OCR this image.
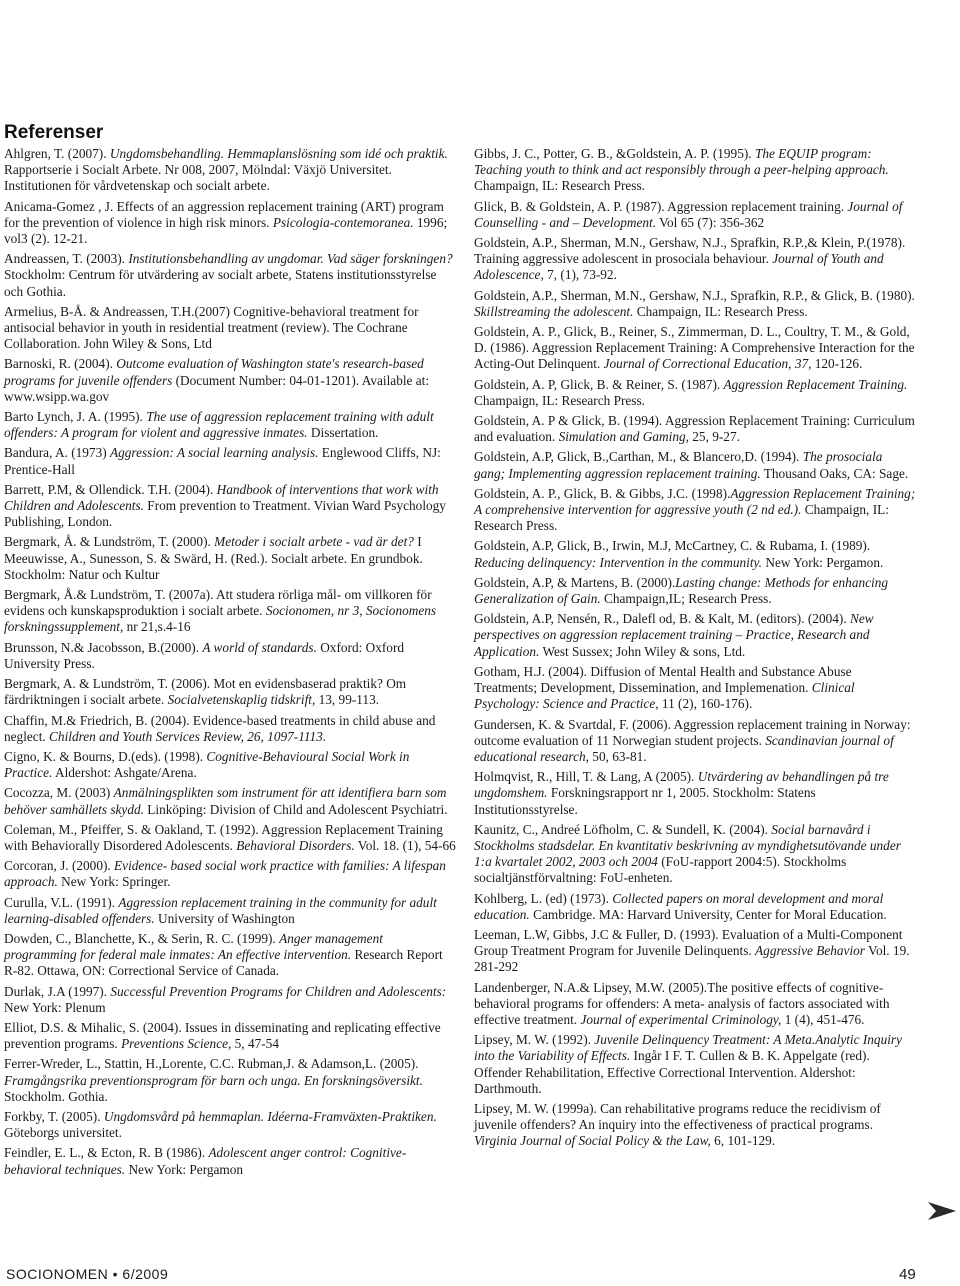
Referenser

Ahlgren, T. (2007). Ungdomsbehandling. Hemmaplanslösning som idé och praktik. Rapportserie i Socialt Arbete. Nr 008, 2007, Mölndal: Växjö Universitet. Institutionen för vårdvetenskap och socialt arbete.

Anicama-Gomez , J. Effects of an aggression replacement training (ART) program for the prevention of violence in high risk minors. Psicologia-contemoranea. 1996; vol3 (2). 12-21.

Andreassen, T. (2003). Institutionsbehandling av ungdomar. Vad säger forskningen? Stockholm: Centrum för utvärdering av socialt arbete, Statens institutionsstyrelse och Gothia.

Armelius, B-Å. & Andreassen, T.H.(2007) Cognitive-behavioral treatment for antisocial behavior in youth in residential treatment (review). The Cochrane Collaboration. John Wiley & Sons, Ltd

Barnoski, R. (2004). Outcome evaluation of Washington state's research-based programs for juvenile offenders (Document Number: 04-01-1201). Available at: www.wsipp.wa.gov

Barto Lynch, J. A. (1995). The use of aggression replacement training with adult offenders: A program for violent and aggressive inmates. Dissertation.

Bandura, A. (1973) Aggression: A social learning analysis. Englewood Cliffs, NJ: Prentice-Hall

Barrett, P.M, & Ollendick. T.H. (2004). Handbook of interventions that work with Children and Adolescents. From prevention to Treatment. Vivian Ward Psychology Publishing, London.

Bergmark, Å. & Lundström, T. (2000). Metoder i socialt arbete - vad är det? I Meeuwisse, A., Sunesson, S. & Swärd, H. (Red.). Socialt arbete. En grundbok. Stockholm: Natur och Kultur

Bergmark, Å.& Lundström, T. (2007a). Att studera rörliga mål- om villkoren för evidens och kunskapsproduktion i socialt arbete. Socionomen, nr 3, Socionomens forskningssupplement, nr 21,s.4-16

Brunsson, N.& Jacobsson, B.(2000). A world of standards. Oxford: Oxford University Press.

Bergmark, A. & Lundström, T. (2006). Mot en evidensbaserad praktik? Om färdriktningen i socialt arbete. Socialvetenskaplig tidskrift, 13, 99-113.

Chaffin, M.& Friedrich, B. (2004). Evidence-based treatments in child abuse and neglect. Children and Youth Services Review, 26, 1097-1113.

Cigno, K. & Bourns, D.(eds). (1998). Cognitive-Behavioural Social Work in Practice. Aldershot: Ashgate/Arena.

Cocozza, M. (2003) Anmälningsplikten som instrument för att identifiera barn som behöver samhällets skydd. Linköping: Division of Child and Adolescent Psychiatri.

Coleman, M., Pfeiffer, S. & Oakland, T. (1992). Aggression Replacement Training with Behaviorally Disordered Adolescents. Behavioral Disorders. Vol. 18. (1), 54-66

Corcoran, J. (2000). Evidence- based social work practice with families: A lifespan approach. New York: Springer.

Curulla, V.L. (1991). Aggression replacement training in the community for adult learning-disabled offenders. University of Washington

Dowden, C., Blanchette, K., & Serin, R. C. (1999). Anger management programming for federal male inmates: An effective intervention. Research Report R-82. Ottawa, ON: Correctional Service of Canada.

Durlak, J.A (1997). Successful Prevention Programs for Children and Adolescents: New York: Plenum

Elliot, D.S. & Mihalic, S. (2004). Issues in disseminating and replicating effective prevention programs. Preventions Science, 5, 47-54

Ferrer-Wreder, L., Stattin, H.,Lorente, C.C. Rubman,J. & Adamson,L. (2005). Framgångsrika preventionsprogram för barn och unga. En forskningsöversikt. Stockholm. Gothia.

Forkby, T. (2005). Ungdomsvård på hemmaplan. Idéerna-Framväxten-Praktiken. Göteborgs universitet.

Feindler, E. L., & Ecton, R. B (1986). Adolescent anger control: Cognitive-behavioral techniques. New York: Pergamon

Gibbs, J. C., Potter, G. B., &Goldstein, A. P. (1995). The EQUIP program: Teaching youth to think and act responsibly through a peer-helping approach. Champaign, IL: Research Press.

Glick, B. & Goldstein, A. P. (1987). Aggression replacement training. Journal of Counselling - and – Development. Vol 65 (7): 356-362

Goldstein, A.P., Sherman, M.N., Gershaw, N.J., Sprafkin, R.P.,& Klein, P.(1978). Training aggressive adolescent in prosociala behaviour. Journal of Youth and Adolescence, 7, (1), 73-92.

Goldstein, A.P., Sherman, M.N., Gershaw, N.J., Sprafkin, R.P., & Glick, B. (1980). Skillstreaming the adolescent. Champaign, IL: Research Press.

Goldstein, A. P., Glick, B., Reiner, S., Zimmerman, D. L., Coultry, T. M., & Gold, D. (1986). Aggression Replacement Training: A Comprehensive Interaction for the Acting-Out Delinquent. Journal of Correctional Education, 37, 120-126.

Goldstein, A. P, Glick, B. & Reiner, S. (1987). Aggression Replacement Training. Champaign, IL: Research Press.

Goldstein, A. P & Glick, B. (1994). Aggression Replacement Training: Curriculum and evaluation. Simulation and Gaming, 25, 9-27.

Goldstein, A.P, Glick, B.,Carthan, M., & Blancero,D. (1994). The prosociala gang; Implementing aggression replacement training. Thousand Oaks, CA: Sage.

Goldstein, A. P., Glick, B. & Gibbs, J.C. (1998).Aggression Replacement Training; A comprehensive intervention for aggressive youth (2 nd ed.). Champaign, IL: Research Press.

Goldstein, A.P, Glick, B., Irwin, M.J, McCartney, C. & Rubama, I. (1989). Reducing delinquency: Intervention in the community. New York: Pergamon.

Goldstein, A.P, & Martens, B. (2000).Lasting change: Methods for enhancing Generalization of Gain. Champaign,IL; Research Press.

Goldstein, A.P, Nensén, R., Dalefl od, B. & Kalt, M. (editors). (2004). New perspectives on aggression replacement training – Practice, Research and Application. West Sussex; John Wiley & sons, Ltd.

Gotham, H.J. (2004). Diffusion of Mental Health and Substance Abuse Treatments; Development, Dissemination, and Implemenation. Clinical Psychology: Science and Practice, 11 (2), 160-176).

Gundersen, K. & Svartdal, F. (2006). Aggression replacement training in Norway: outcome evaluation of 11 Norwegian student projects. Scandinavian journal of educational research, 50, 63-81.

Holmqvist, R., Hill, T. & Lang, A (2005). Utvärdering av behandlingen på tre ungdomshem. Forskningsrapport nr 1, 2005. Stockholm: Statens Institutionsstyrelse.

Kaunitz, C., Andreé Löfholm, C. & Sundell, K. (2004). Social barnavård i Stockholms stadsdelar. En kvantitativ beskrivning av myndighetsutövande under 1:a kvartalet 2002, 2003 och 2004 (FoU-rapport 2004:5). Stockholms socialtjänstförvaltning: FoU-enheten.

Kohlberg, L. (ed) (1973). Collected papers on moral development and moral education. Cambridge. MA: Harvard University, Center for Moral Education.

Leeman, L.W, Gibbs, J.C & Fuller, D. (1993). Evaluation of a Multi-Component Group Treatment Program for Juvenile Delinquents. Aggressive Behavior Vol. 19. 281-292

Landenberger, N.A.& Lipsey, M.W. (2005).The positive effects of cognitive-behavioral programs for offenders: A meta- analysis of factors associated with effective treatment. Journal of experimental Criminology, 1 (4), 451-476.

Lipsey, M. W. (1992). Juvenile Delinquency Treatment: A Meta.Analytic Inquiry into the Variability of Effects. Ingår I F. T. Cullen & B. K. Appelgate (red). Offender Rehabilitation, Effective Correctional Intervention. Aldershot: Darthmouth.

Lipsey, M. W. (1999a). Can rehabilitative programs reduce the recidivism of juvenile offenders? An inquiry into the effectiveness of practical programs. Virginia Journal of Social Policy & the Law, 6, 101-129.

SOCIONOMEN • 6/2009	49
